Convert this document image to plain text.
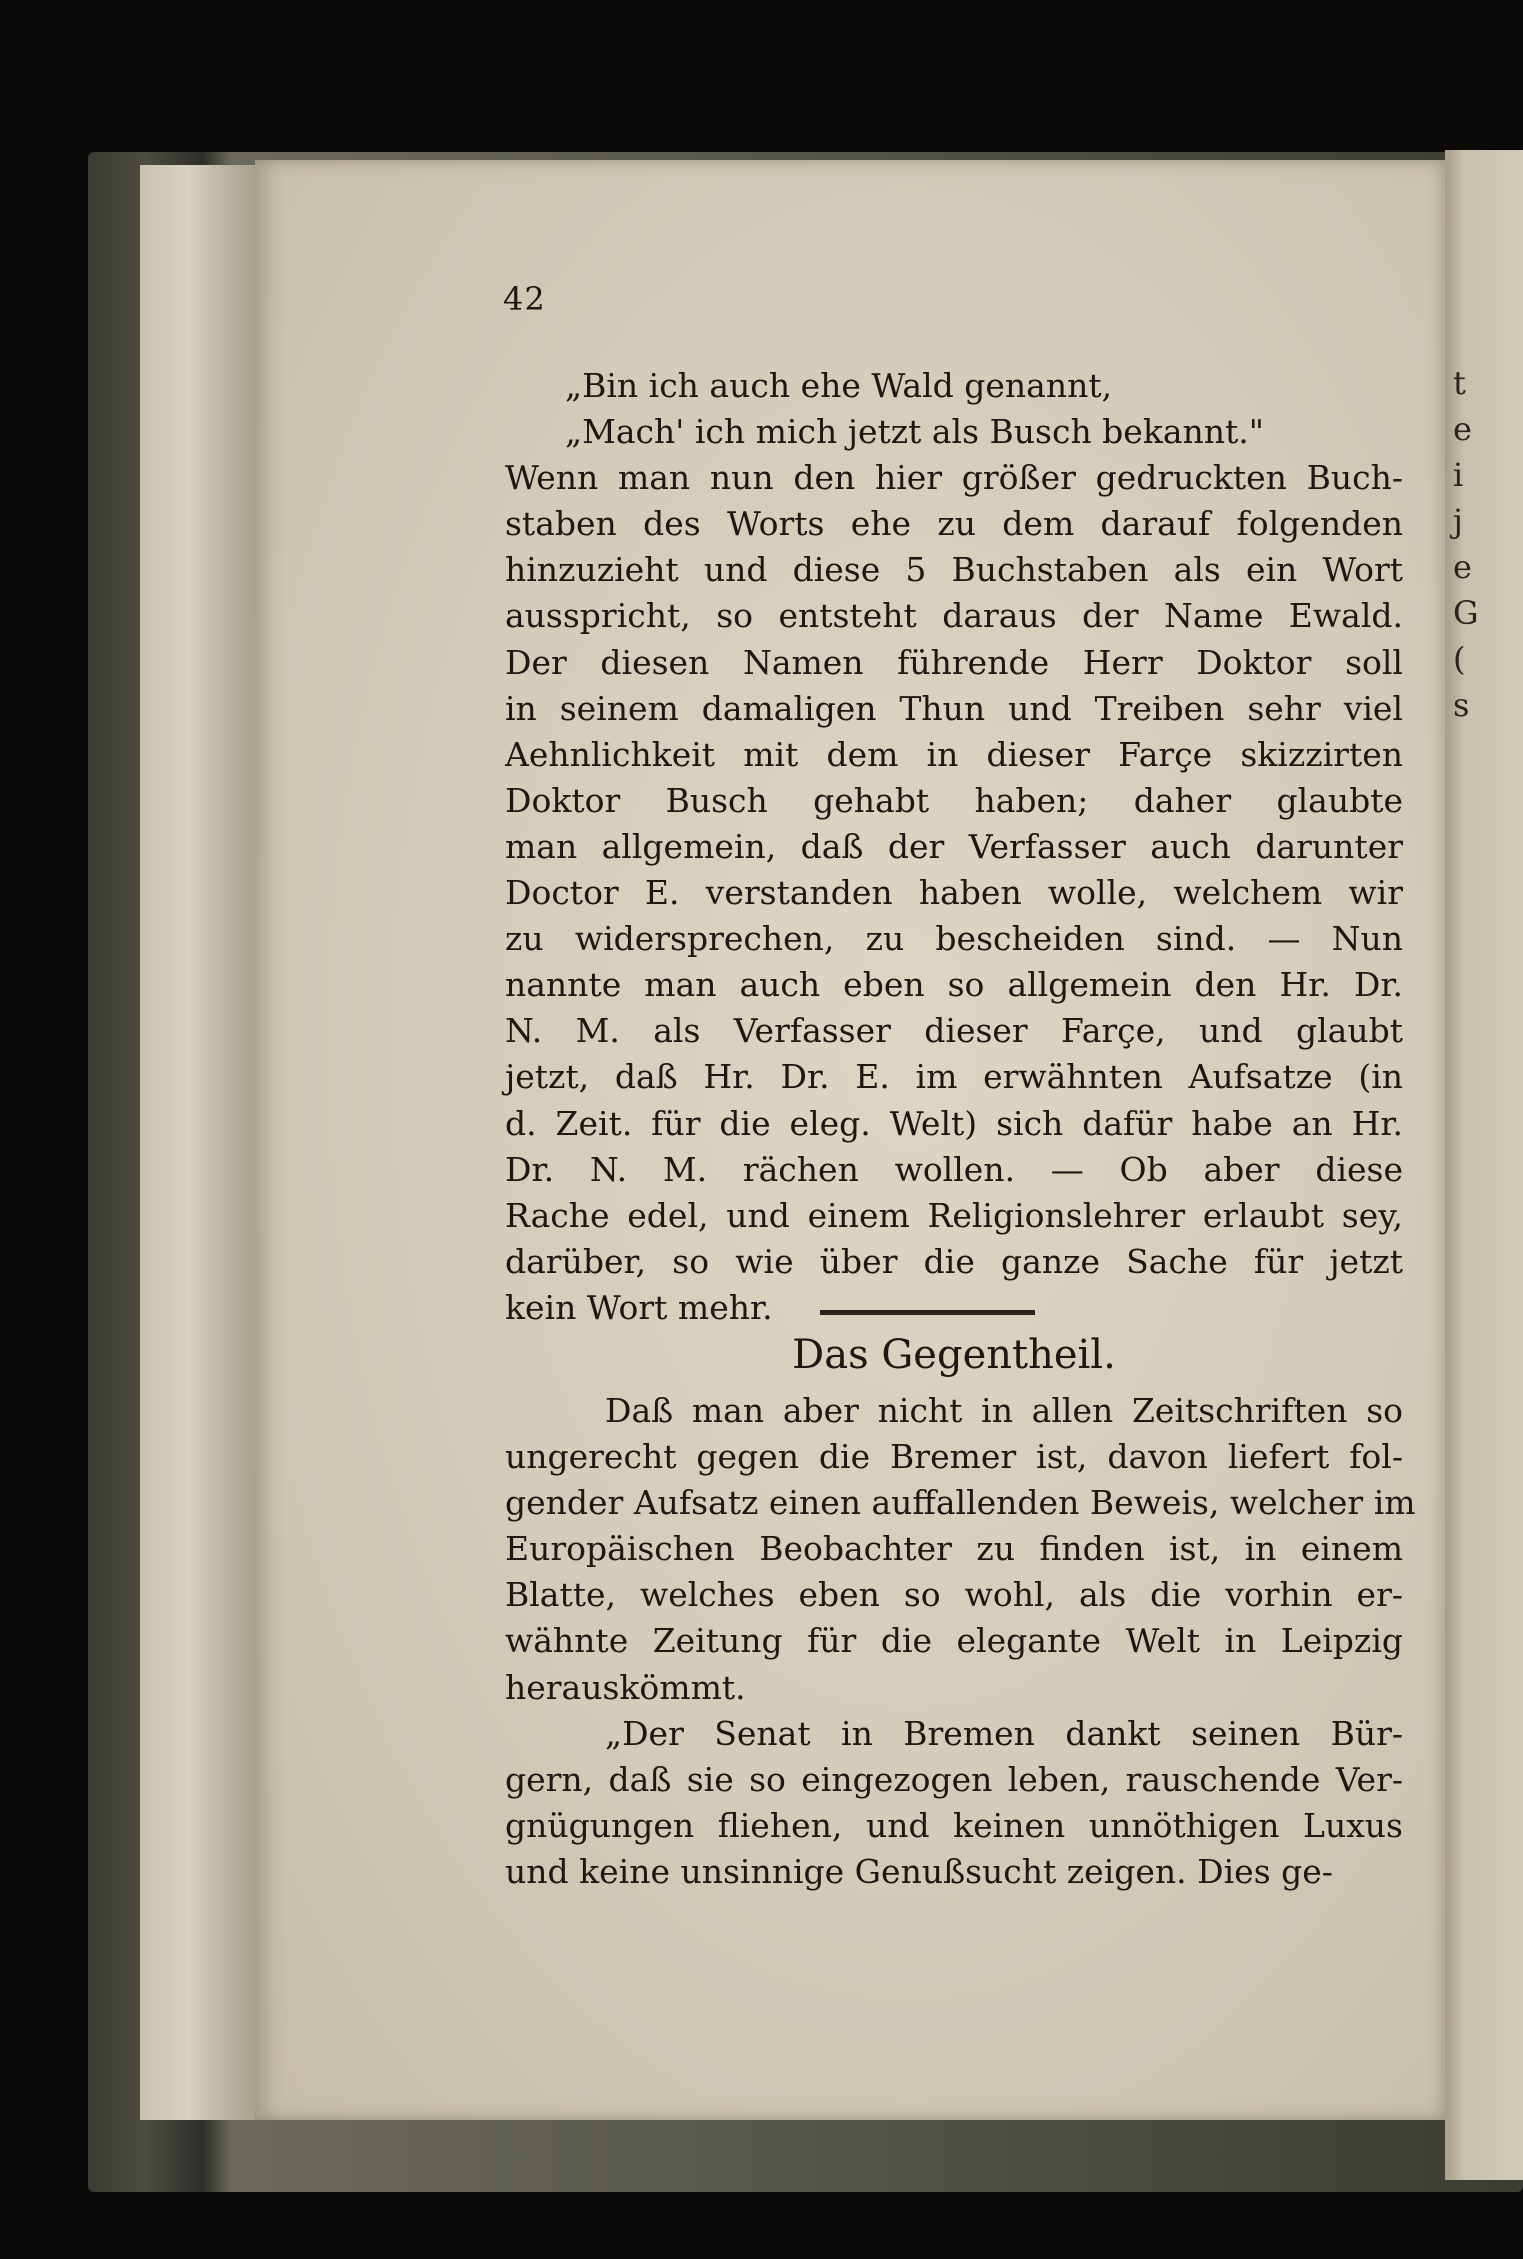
t
e
i
j
e
G
(
s
42
„Bin ich auch ehe Wald genannt,
„Mach' ich mich jetzt als Busch bekannt."
Wenn man nun den hier größer gedruckten Buch-
staben des Worts ehe zu dem darauf folgenden
hinzuzieht und diese 5 Buchstaben als ein Wort
ausspricht, so entsteht daraus der Name Ewald.
Der diesen Namen führende Herr Doktor soll
in seinem damaligen Thun und Treiben sehr viel
Aehnlichkeit mit dem in dieser Farçe skizzirten
Doktor Busch gehabt haben; daher glaubte
man allgemein, daß der Verfasser auch darunter
Doctor E. verstanden haben wolle, welchem wir
zu widersprechen, zu bescheiden sind. — Nun
nannte man auch eben so allgemein den Hr. Dr.
N. M. als Verfasser dieser Farçe, und glaubt
jetzt, daß Hr. Dr. E. im erwähnten Aufsatze (in
d. Zeit. für die eleg. Welt) sich dafür habe an Hr.
Dr. N. M. rächen wollen. — Ob aber diese
Rache edel, und einem Religionslehrer erlaubt sey,
darüber, so wie über die ganze Sache für jetzt
kein Wort mehr.
Das Gegentheil.
Daß man aber nicht in allen Zeitschriften so
ungerecht gegen die Bremer ist, davon liefert fol-
gender Aufsatz einen auffallenden Beweis, welcher im
Europäischen Beobachter zu finden ist, in einem
Blatte, welches eben so wohl, als die vorhin er-
wähnte Zeitung für die elegante Welt in Leipzig
herauskömmt.
„Der Senat in Bremen dankt seinen Bür-
gern, daß sie so eingezogen leben, rauschende Ver-
gnügungen fliehen, und keinen unnöthigen Luxus
und keine unsinnige Genußsucht zeigen. Dies ge-
